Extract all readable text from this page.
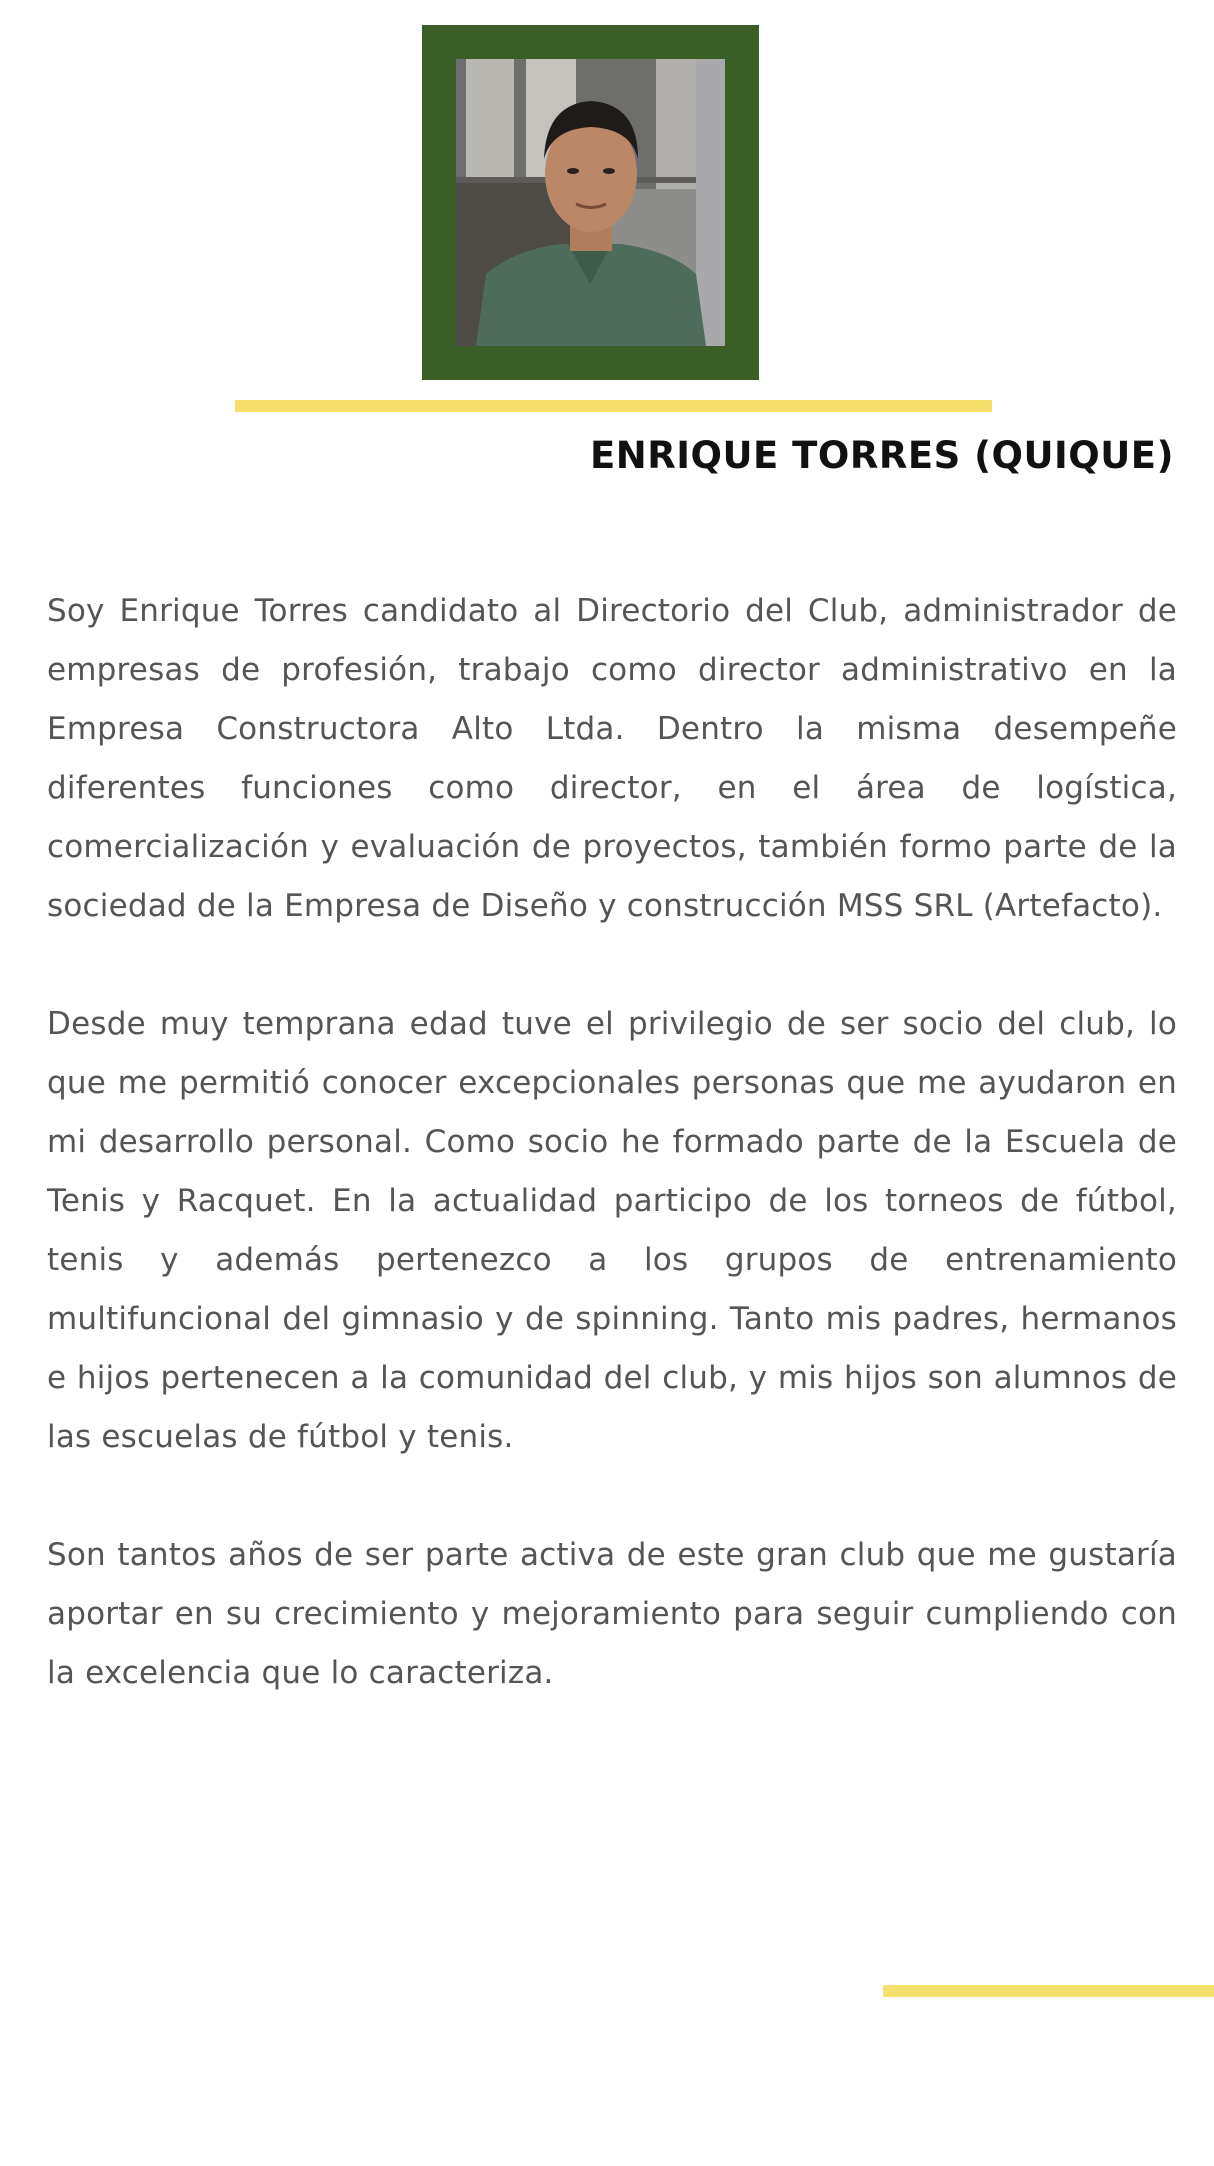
ENRIQUE TORRES (QUIQUE)

Soy Enrique Torres candidato al Directorio del Club, administrador de empresas de profesión, trabajo como director administrativo en la Empresa Constructora Alto Ltda. Dentro la misma desempeñe diferentes funciones como director, en el área de logística, comercialización y evaluación de proyectos, también formo parte de la sociedad de la Empresa de Diseño y construcción MSS SRL (Artefacto).

Desde muy temprana edad tuve el privilegio de ser socio del club, lo que me permitió conocer excepcionales personas que me ayudaron en mi desarrollo personal. Como socio he formado parte de la Escuela de Tenis y Racquet. En la actualidad participo de los torneos de fútbol, tenis y además pertenezco a los grupos de entrenamiento multifuncional del gimnasio y de spinning. Tanto mis padres, hermanos e hijos pertenecen a la comunidad del club, y mis hijos son alumnos de las escuelas de fútbol y tenis.

Son tantos años de ser parte activa de este gran club que me gustaría aportar en su crecimiento y mejoramiento para seguir cumpliendo con la excelencia que lo caracteriza.
